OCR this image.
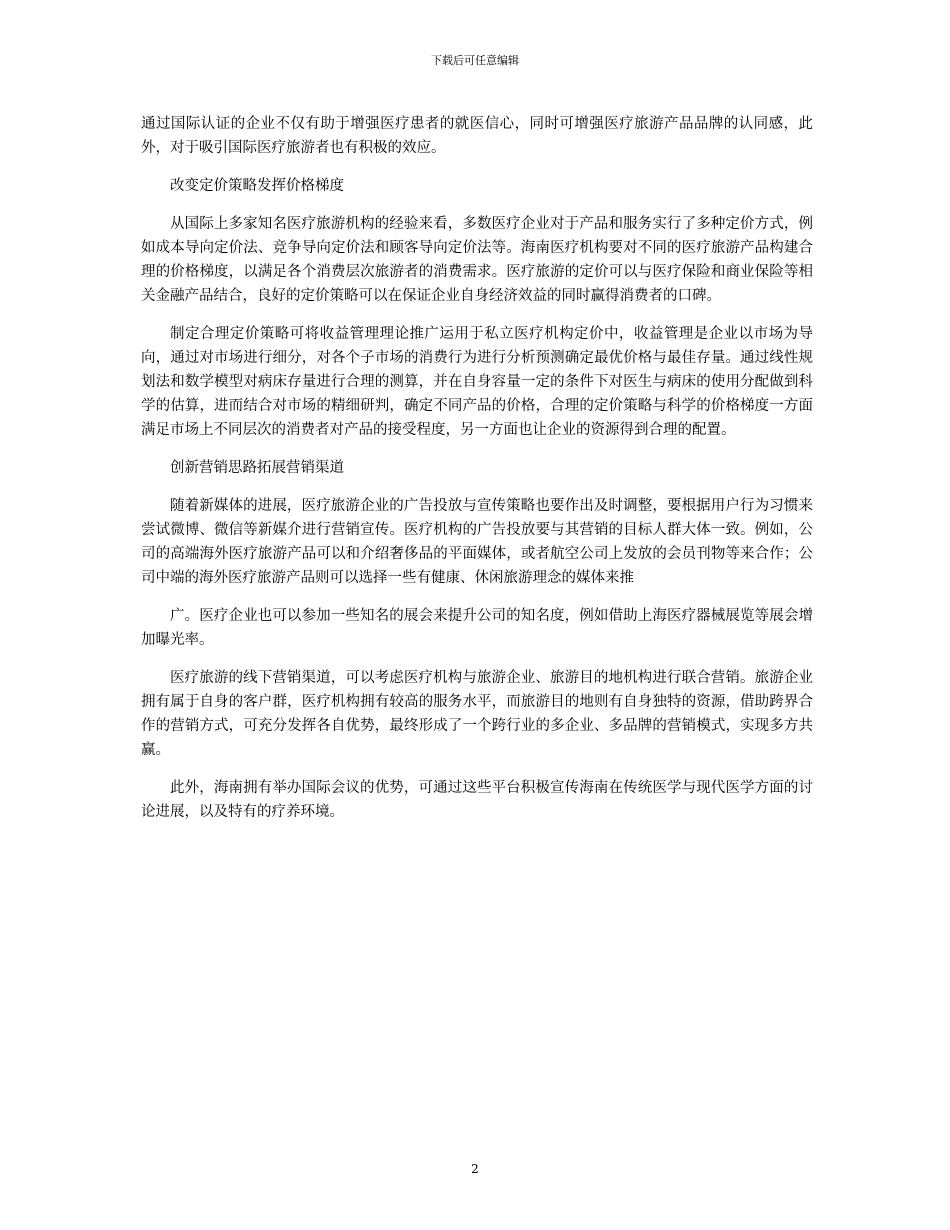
下载后可任意编辑

通过国际认证的企业不仅有助于增强医疗患者的就医信心，同时可增强医疗旅游产品品牌的认同感，此外，对于吸引国际医疗旅游者也有积极的效应。

改变定价策略发挥价格梯度

从国际上多家知名医疗旅游机构的经验来看，多数医疗企业对于产品和服务实行了多种定价方式，例如成本导向定价法、竞争导向定价法和顾客导向定价法等。海南医疗机构要对不同的医疗旅游产品构建合理的价格梯度，以满足各个消费层次旅游者的消费需求。医疗旅游的定价可以与医疗保险和商业保险等相关金融产品结合，良好的定价策略可以在保证企业自身经济效益的同时赢得消费者的口碑。

制定合理定价策略可将收益管理理论推广运用于私立医疗机构定价中，收益管理是企业以市场为导向，通过对市场进行细分，对各个子市场的消费行为进行分析预测确定最优价格与最佳存量。通过线性规划法和数学模型对病床存量进行合理的测算，并在自身容量一定的条件下对医生与病床的使用分配做到科学的估算，进而结合对市场的精细研判，确定不同产品的价格，合理的定价策略与科学的价格梯度一方面满足市场上不同层次的消费者对产品的接受程度，另一方面也让企业的资源得到合理的配置。

创新营销思路拓展营销渠道

随着新媒体的进展，医疗旅游企业的广告投放与宣传策略也要作出及时调整，要根据用户行为习惯来尝试微博、微信等新媒介进行营销宣传。医疗机构的广告投放要与其营销的目标人群大体一致。例如，公司的高端海外医疗旅游产品可以和介绍奢侈品的平面媒体，或者航空公司上发放的会员刊物等来合作；公司中端的海外医疗旅游产品则可以选择一些有健康、休闲旅游理念的媒体来推

广。医疗企业也可以参加一些知名的展会来提升公司的知名度，例如借助上海医疗器械展览等展会增加曝光率。

医疗旅游的线下营销渠道，可以考虑医疗机构与旅游企业、旅游目的地机构进行联合营销。旅游企业拥有属于自身的客户群，医疗机构拥有较高的服务水平，而旅游目的地则有自身独特的资源，借助跨界合作的营销方式，可充分发挥各自优势，最终形成了一个跨行业的多企业、多品牌的营销模式，实现多方共赢。

此外，海南拥有举办国际会议的优势，可通过这些平台积极宣传海南在传统医学与现代医学方面的讨论进展，以及特有的疗养环境。

2
